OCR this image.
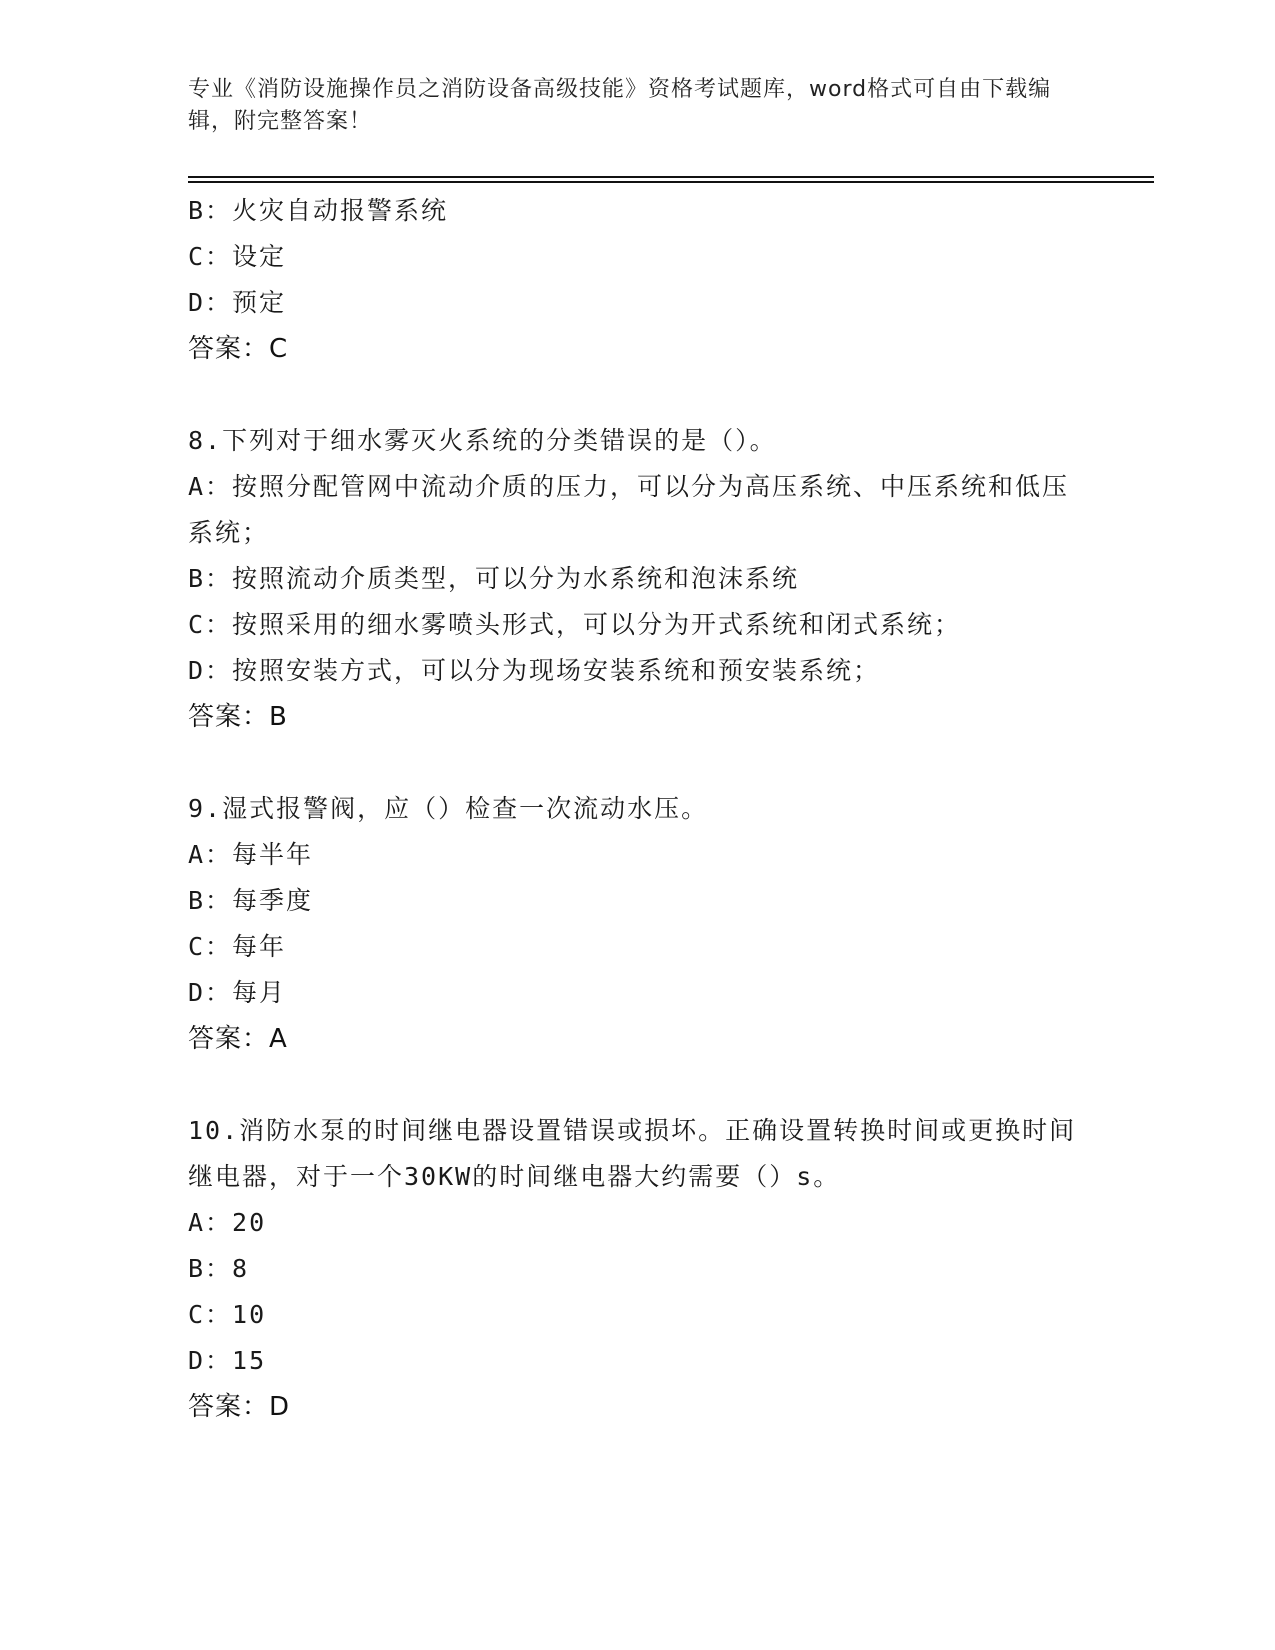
专业《消防设施操作员之消防设备高级技能》资格考试题库，word格式可自由下载编辑，附完整答案！
B：火灾自动报警系统
C：设定
D：预定
答案：C
8.下列对于细水雾灭火系统的分类错误的是（）。
A：按照分配管网中流动介质的压力，可以分为高压系统、中压系统和低压系统；
B：按照流动介质类型，可以分为水系统和泡沫系统
C：按照采用的细水雾喷头形式，可以分为开式系统和闭式系统；
D：按照安装方式，可以分为现场安装系统和预安装系统；
答案：B
9.湿式报警阀，应（）检查一次流动水压。
A：每半年
B：每季度
C：每年
D：每月
答案：A
10.消防水泵的时间继电器设置错误或损坏。正确设置转换时间或更换时间继电器，对于一个30KW的时间继电器大约需要（）s。
A：20
B：8
C：10
D：15
答案：D
